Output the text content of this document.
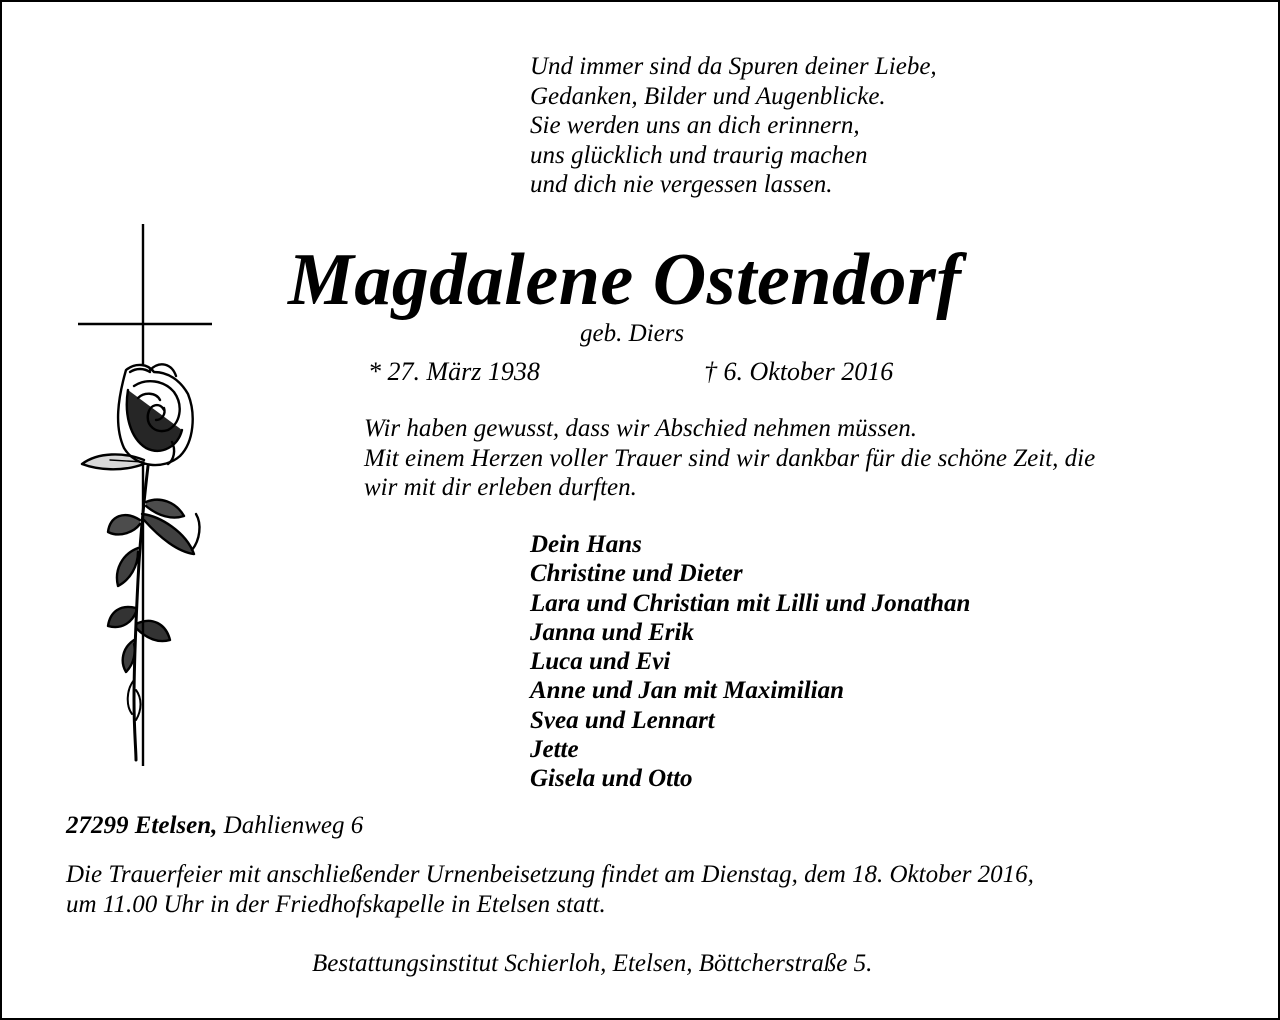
Und immer sind da Spuren deiner Liebe,
Gedanken, Bilder und Augenblicke.
Sie werden uns an dich erinnern,
uns glücklich und traurig machen
und dich nie vergessen lassen.
Magdalene Ostendorf
geb. Diers
* 27. März 1938	† 6. Oktober 2016
Wir haben gewusst, dass wir Abschied nehmen müssen.
Mit einem Herzen voller Trauer sind wir dankbar für die schöne Zeit, die
wir mit dir erleben durften.
Dein Hans
Christine und Dieter
Lara und Christian mit Lilli und Jonathan
Janna und Erik
Luca und Evi
Anne und Jan mit Maximilian
Svea und Lennart
Jette
Gisela und Otto
27299 Etelsen, Dahlienweg 6
Die Trauerfeier mit anschließender Urnenbeisetzung findet am Dienstag, dem 18. Oktober 2016,
um 11.00 Uhr in der Friedhofskapelle in Etelsen statt.
Bestattungsinstitut Schierloh, Etelsen, Böttcherstraße 5.
